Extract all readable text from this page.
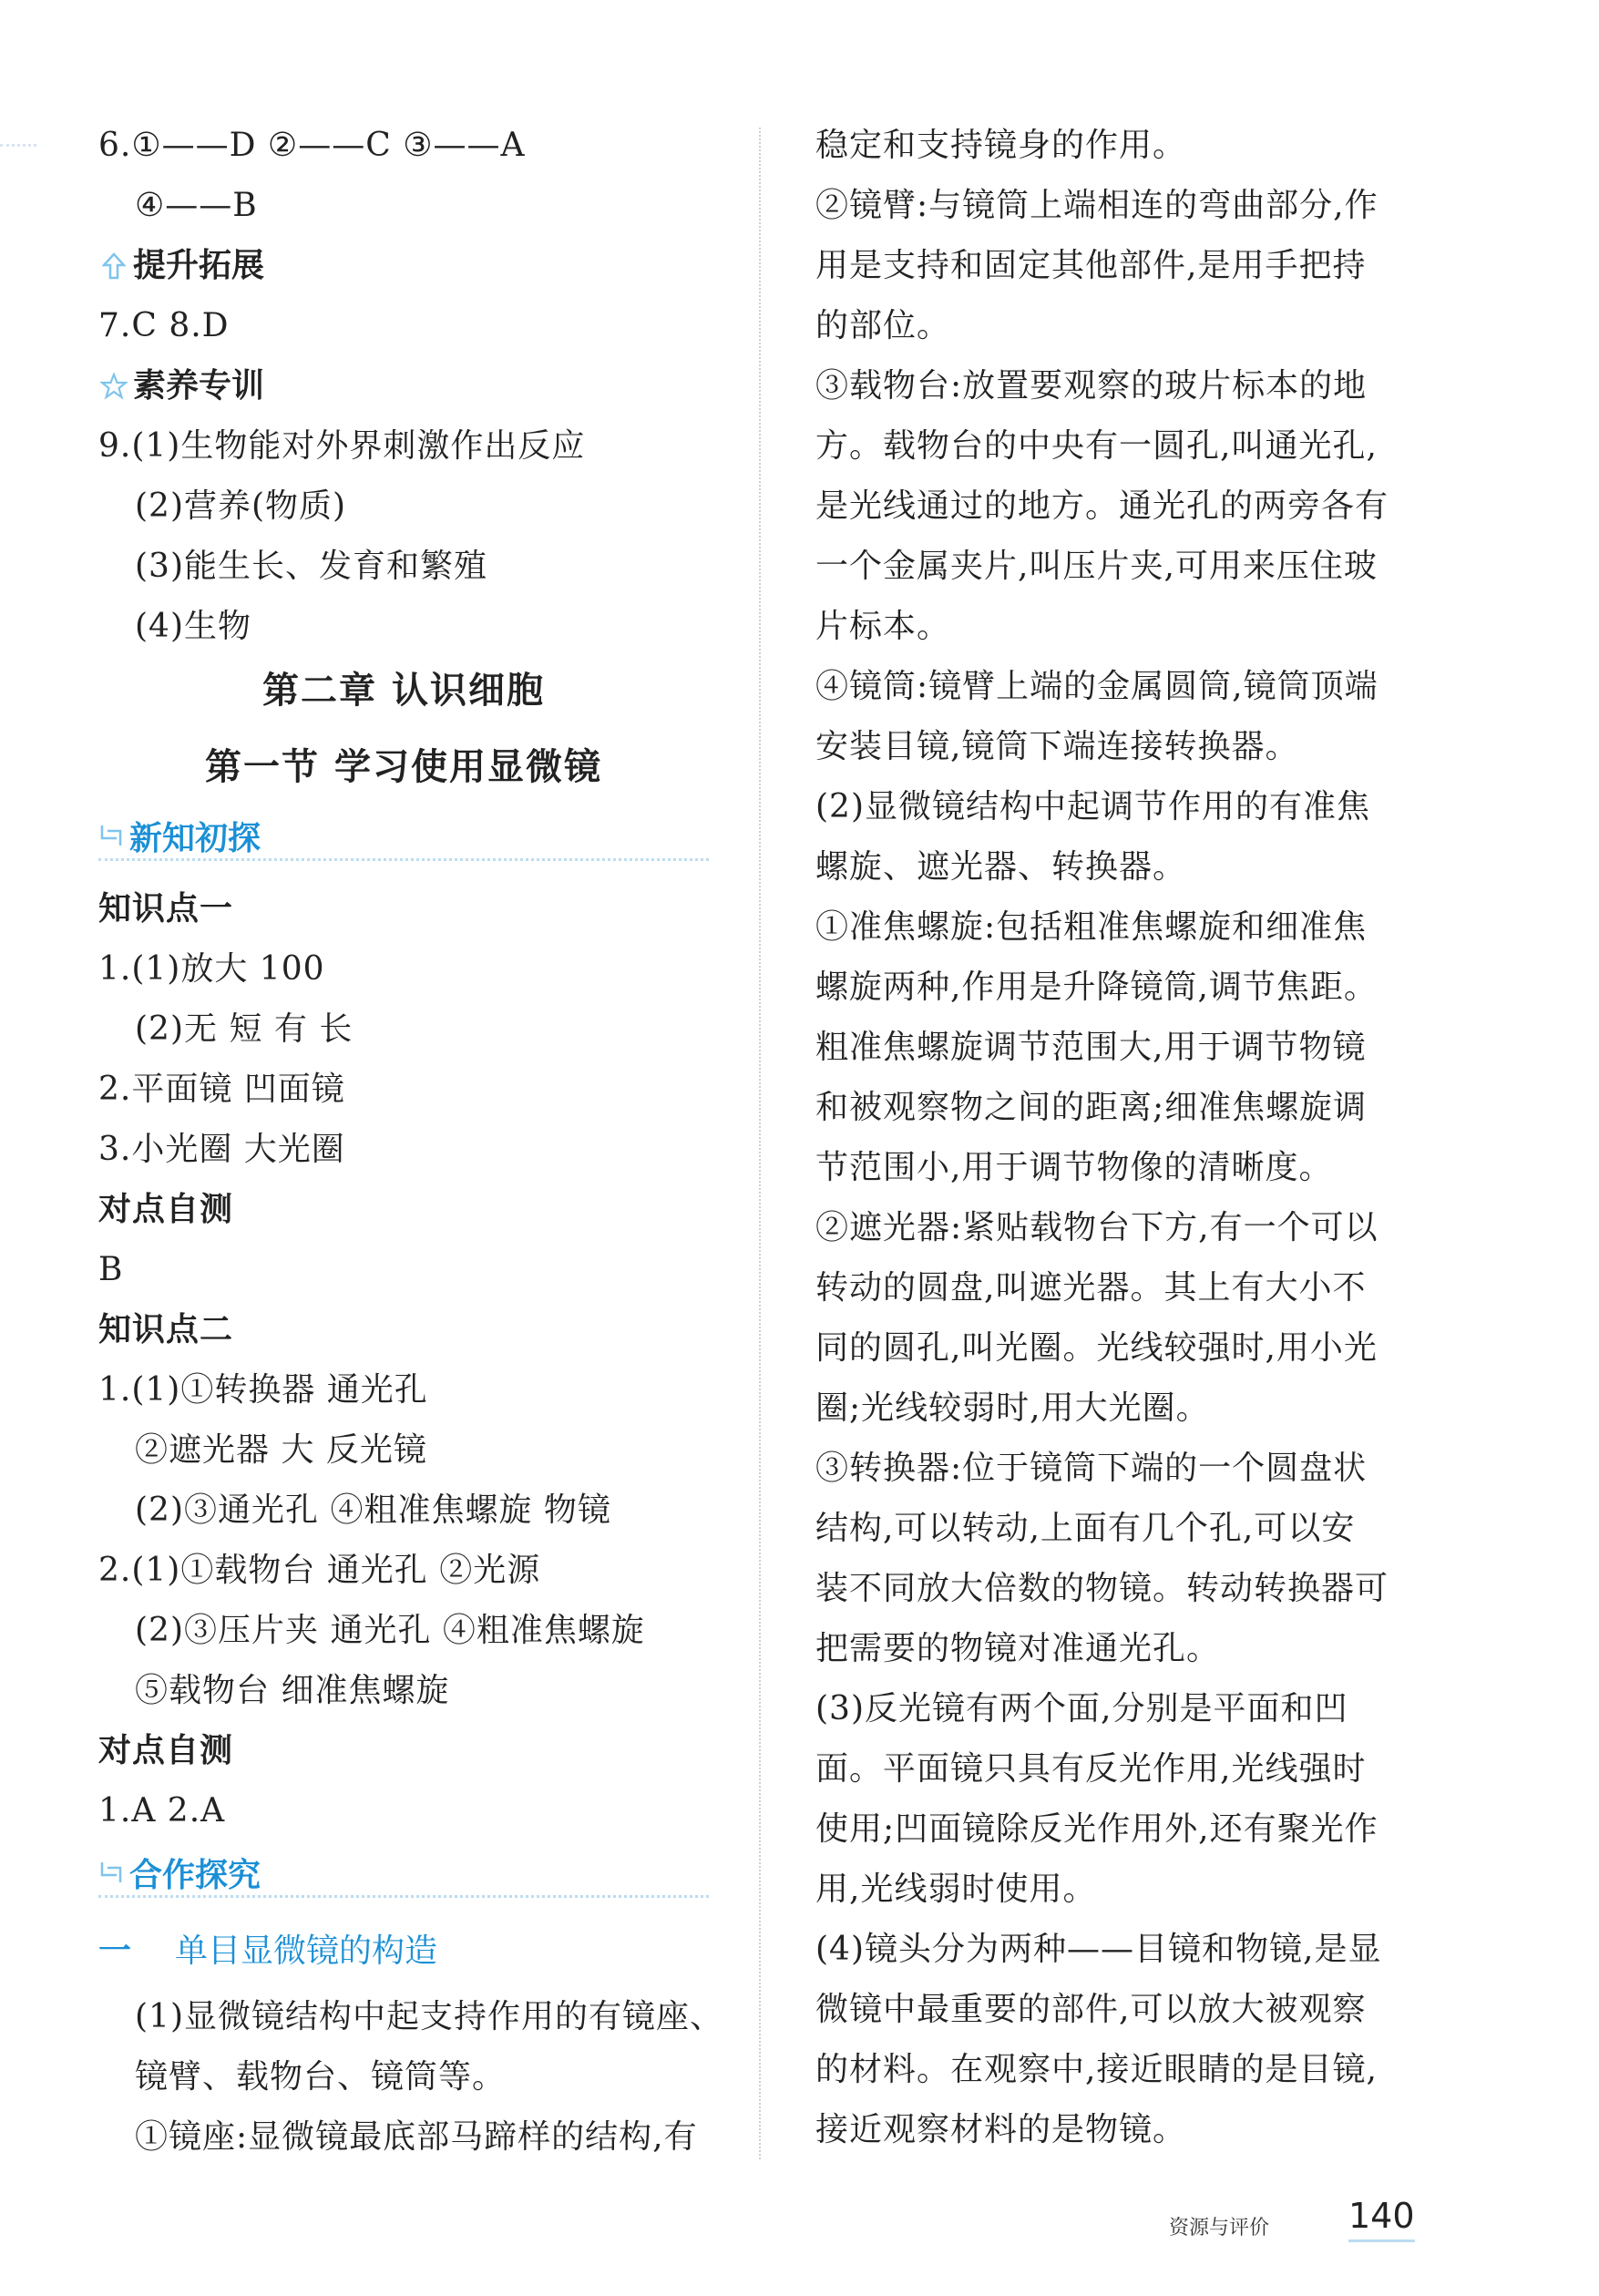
6.①——D ②——C ③——A
④——B
提升拓展
7.C 8.D
素养专训
9.(1)生物能对外界刺激作出反应
(2)营养(物质)
(3)能生长、发育和繁殖
(4)生物
第二章 认识细胞
第一节 学习使用显微镜
新知初探
知识点一
1.(1)放大 100
(2)无 短 有 长
2.平面镜 凹面镜
3.小光圈 大光圈
对点自测
B
知识点二
1.(1)①转换器 通光孔
②遮光器 大 反光镜
(2)③通光孔 ④粗准焦螺旋 物镜
2.(1)①载物台 通光孔 ②光源
(2)③压片夹 通光孔 ④粗准焦螺旋
⑤载物台 细准焦螺旋
对点自测
1.A 2.A
合作探究
一 单目显微镜的构造
(1)显微镜结构中起支持作用的有镜座、
镜臂、载物台、镜筒等。
①镜座:显微镜最底部马蹄样的结构,有
稳定和支持镜身的作用。
②镜臂:与镜筒上端相连的弯曲部分,作
用是支持和固定其他部件,是用手把持
的部位。
③载物台:放置要观察的玻片标本的地
方。载物台的中央有一圆孔,叫通光孔,
是光线通过的地方。通光孔的两旁各有
一个金属夹片,叫压片夹,可用来压住玻
片标本。
④镜筒:镜臂上端的金属圆筒,镜筒顶端
安装目镜,镜筒下端连接转换器。
(2)显微镜结构中起调节作用的有准焦
螺旋、遮光器、转换器。
①准焦螺旋:包括粗准焦螺旋和细准焦
螺旋两种,作用是升降镜筒,调节焦距。
粗准焦螺旋调节范围大,用于调节物镜
和被观察物之间的距离;细准焦螺旋调
节范围小,用于调节物像的清晰度。
②遮光器:紧贴载物台下方,有一个可以
转动的圆盘,叫遮光器。其上有大小不
同的圆孔,叫光圈。光线较强时,用小光
圈;光线较弱时,用大光圈。
③转换器:位于镜筒下端的一个圆盘状
结构,可以转动,上面有几个孔,可以安
装不同放大倍数的物镜。转动转换器可
把需要的物镜对准通光孔。
(3)反光镜有两个面,分别是平面和凹
面。平面镜只具有反光作用,光线强时
使用;凹面镜除反光作用外,还有聚光作
用,光线弱时使用。
(4)镜头分为两种——目镜和物镜,是显
微镜中最重要的部件,可以放大被观察
的材料。在观察中,接近眼睛的是目镜,
接近观察材料的是物镜。
资源与评价 140
